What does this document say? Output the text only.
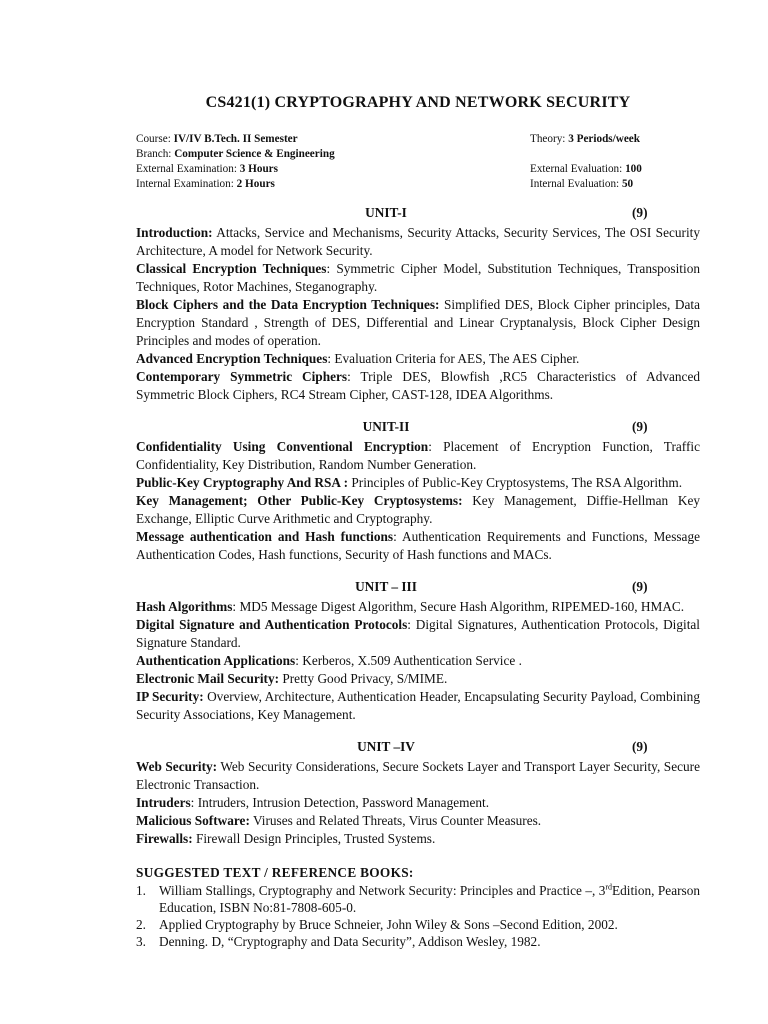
CS421(1) CRYPTOGRAPHY AND NETWORK SECURITY
Course: IV/IV B.Tech. II Semester	Theory: 3 Periods/week
Branch: Computer Science & Engineering
External Examination: 3 Hours	External Evaluation: 100
Internal Examination: 2 Hours	Internal Evaluation: 50
UNIT-I	(9)

Introduction: Attacks, Service and Mechanisms, Security Attacks, Security Services, The OSI Security Architecture, A model for Network Security.

Classical Encryption Techniques: Symmetric Cipher Model, Substitution Techniques, Transposition Techniques, Rotor Machines, Steganography.

Block Ciphers and the Data Encryption Techniques: Simplified DES, Block Cipher principles, Data Encryption Standard , Strength of DES, Differential and Linear Cryptanalysis, Block Cipher Design Principles and modes of operation.

Advanced Encryption Techniques: Evaluation Criteria for AES, The AES Cipher.

Contemporary Symmetric Ciphers: Triple DES, Blowfish ,RC5 Characteristics of Advanced Symmetric Block Ciphers, RC4 Stream Cipher, CAST-128, IDEA Algorithms.

UNIT-II	(9)

Confidentiality Using Conventional Encryption: Placement of Encryption Function, Traffic Confidentiality, Key Distribution, Random Number Generation.

Public-Key Cryptography And RSA : Principles of Public-Key Cryptosystems, The RSA Algorithm.

Key Management; Other Public-Key Cryptosystems: Key Management, Diffie-Hellman Key Exchange, Elliptic Curve Arithmetic and Cryptography.

Message authentication and Hash functions: Authentication Requirements and Functions, Message Authentication Codes, Hash functions, Security of Hash functions and MACs.

UNIT – III	(9)

Hash Algorithms: MD5 Message Digest Algorithm, Secure Hash Algorithm, RIPEMED-160, HMAC.

Digital Signature and Authentication Protocols: Digital Signatures, Authentication Protocols, Digital Signature Standard.

Authentication Applications: Kerberos, X.509 Authentication Service .

Electronic Mail Security: Pretty Good Privacy, S/MIME.

IP Security: Overview, Architecture, Authentication Header, Encapsulating Security Payload, Combining Security Associations, Key Management.

UNIT –IV	(9)

Web Security: Web Security Considerations, Secure Sockets Layer and Transport Layer Security, Secure Electronic Transaction.

Intruders: Intruders, Intrusion Detection, Password Management.

Malicious Software: Viruses and Related Threats, Virus Counter Measures.

Firewalls: Firewall Design Principles, Trusted Systems.

SUGGESTED TEXT / REFERENCE BOOKS:
1. William Stallings, Cryptography and Network Security: Principles and Practice –, 3rdEdition, Pearson Education, ISBN No:81-7808-605-0.
2. Applied Cryptography by Bruce Schneier, John Wiley & Sons –Second Edition, 2002.
3. Denning. D, “Cryptography and Data Security”, Addison Wesley, 1982.
